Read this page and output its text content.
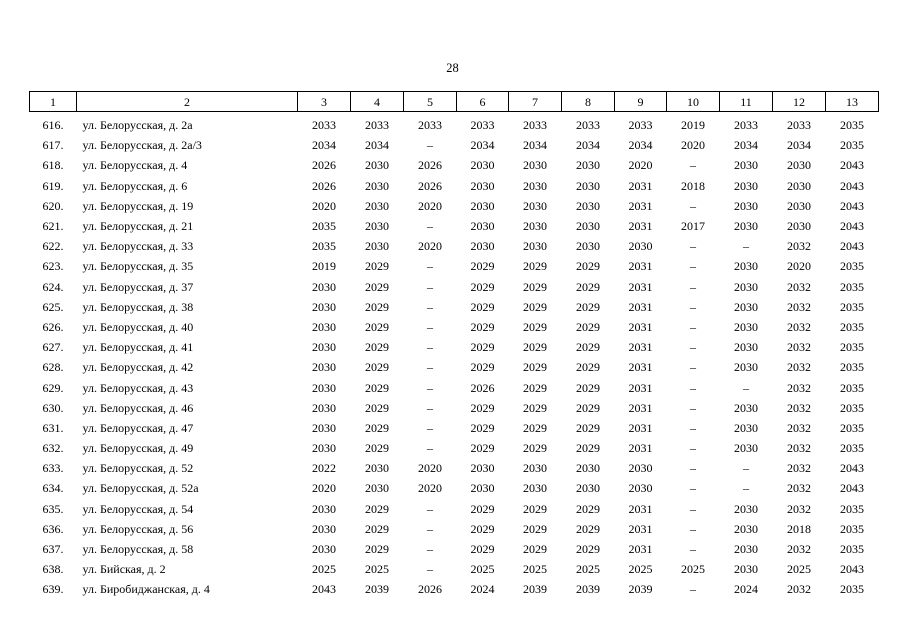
28
1	2	3	4	5	6	7	8	9	10	11	12	13
616.	ул. Белорусская, д. 2а	2033	2033	2033	2033	2033	2033	2033	2019	2033	2033	2035
617.	ул. Белорусская, д. 2а/3	2034	2034	–	2034	2034	2034	2034	2020	2034	2034	2035
618.	ул. Белорусская, д. 4	2026	2030	2026	2030	2030	2030	2020	–	2030	2030	2043
619.	ул. Белорусская, д. 6	2026	2030	2026	2030	2030	2030	2031	2018	2030	2030	2043
620.	ул. Белорусская, д. 19	2020	2030	2020	2030	2030	2030	2031	–	2030	2030	2043
621.	ул. Белорусская, д. 21	2035	2030	–	2030	2030	2030	2031	2017	2030	2030	2043
622.	ул. Белорусская, д. 33	2035	2030	2020	2030	2030	2030	2030	–	–	2032	2043
623.	ул. Белорусская, д. 35	2019	2029	–	2029	2029	2029	2031	–	2030	2020	2035
624.	ул. Белорусская, д. 37	2030	2029	–	2029	2029	2029	2031	–	2030	2032	2035
625.	ул. Белорусская, д. 38	2030	2029	–	2029	2029	2029	2031	–	2030	2032	2035
626.	ул. Белорусская, д. 40	2030	2029	–	2029	2029	2029	2031	–	2030	2032	2035
627.	ул. Белорусская, д. 41	2030	2029	–	2029	2029	2029	2031	–	2030	2032	2035
628.	ул. Белорусская, д. 42	2030	2029	–	2029	2029	2029	2031	–	2030	2032	2035
629.	ул. Белорусская, д. 43	2030	2029	–	2026	2029	2029	2031	–	–	2032	2035
630.	ул. Белорусская, д. 46	2030	2029	–	2029	2029	2029	2031	–	2030	2032	2035
631.	ул. Белорусская, д. 47	2030	2029	–	2029	2029	2029	2031	–	2030	2032	2035
632.	ул. Белорусская, д. 49	2030	2029	–	2029	2029	2029	2031	–	2030	2032	2035
633.	ул. Белорусская, д. 52	2022	2030	2020	2030	2030	2030	2030	–	–	2032	2043
634.	ул. Белорусская, д. 52а	2020	2030	2020	2030	2030	2030	2030	–	–	2032	2043
635.	ул. Белорусская, д. 54	2030	2029	–	2029	2029	2029	2031	–	2030	2032	2035
636.	ул. Белорусская, д. 56	2030	2029	–	2029	2029	2029	2031	–	2030	2018	2035
637.	ул. Белорусская, д. 58	2030	2029	–	2029	2029	2029	2031	–	2030	2032	2035
638.	ул. Бийская, д. 2	2025	2025	–	2025	2025	2025	2025	2025	2030	2025	2043
639.	ул. Биробиджанская, д. 4	2043	2039	2026	2024	2039	2039	2039	–	2024	2032	2035
